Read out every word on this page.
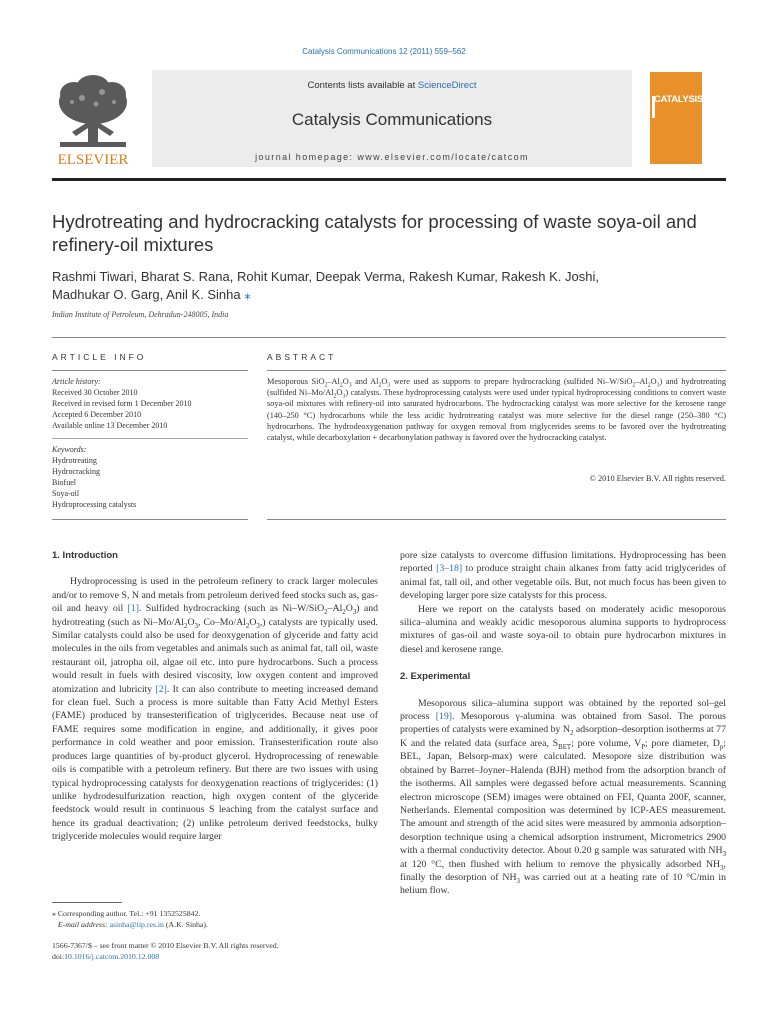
Catalysis Communications 12 (2011) 559–562
Contents lists available at ScienceDirect
Catalysis Communications
journal homepage: www.elsevier.com/locate/catcom
ELSEVIER
CATALYSIS
Hydrotreating and hydrocracking catalysts for processing of waste soya-oil and refinery-oil mixtures
Rashmi Tiwari, Bharat S. Rana, Rohit Kumar, Deepak Verma, Rakesh Kumar, Rakesh K. Joshi,
Madhukar O. Garg, Anil K. Sinha ⁎
Indian Institute of Petroleum, Dehradun-248005, India
ARTICLE INFO
Article history:
Received 30 October 2010
Received in revised form 1 December 2010
Accepted 6 December 2010
Available online 13 December 2010
Keywords:
Hydrotreating
Hydrocracking
Biofuel
Soya-oil
Hydroprocessing catalysts
ABSTRACT
Mesoporous $SiO_2-Al_2O_3$ and $Al_2O_3$ were used as supports to prepare hydrocracking (sulfided $Ni-W/SiO_2-Al_2O_3$) and hydrotreating (sulfided $Ni-Mo/Al_2O_3$) catalysts. These hydroprocessing catalysts were used under typical hydroprocessing conditions to convert waste soya-oil mixtures with refinery-oil into saturated hydrocarbons. The hydrocracking catalyst was more selective for the kerosene range (140–250 °C) hydrocarbons while the less acidic hydrotreating catalyst was more selective for the diesel range (250–380 °C) hydrocarbons. The hydrodeoxygenation pathway for oxygen removal from triglycerides seems to be favored over the hydrotreating catalyst, while decarboxylation + decarbonylation pathway is favored over the hydrocracking catalyst.
© 2010 Elsevier B.V. All rights reserved.
1. Introduction

Hydroprocessing is used in the petroleum refinery to crack larger molecules and/or to remove S, N and metals from petroleum derived feed stocks such as, gas-oil and heavy oil [1]. Sulfided hydrocracking (such as $Ni-W/SiO_2-Al_2O_3$) and hydrotreating (such as $Ni-Mo/Al_2O_3$, $Co-Mo/Al_2O_3$,) catalysts are typically used. Similar catalysts could also be used for deoxygenation of glyceride and fatty acid molecules in the oils from vegetables and animals such as animal fat, tall oil, waste restaurant oil, jatropha oil, algae oil etc. into pure hydrocarbons. Such a process would result in fuels with desired viscosity, low oxygen content and improved atomization and lubricity [2]. It can also contribute to meeting increased demand for clean fuel. Such a process is more suitable than Fatty Acid Methyl Esters (FAME) produced by transesterification of triglycerides. Because neat use of FAME requires some modification in engine, and additionally, it gives poor performance in cold weather and poor emission. Transesterification route also produces large quantities of by-product glycerol. Hydroprocessing of renewable oils is compatible with a petroleum refinery. But there are two issues with using typical hydroprocessing catalysts for deoxygenation reactions of triglycerides: (1) unlike hydrodesulfurization reaction, high oxygen content of the glyceride feedstock would result in continuous S leaching from the catalyst surface and hence its gradual deactivation; (2) unlike petroleum derived feedstocks, bulky triglyceride molecules would require larger

pore size catalysts to overcome diffusion limitations. Hydroprocessing has been reported [3–18] to produce straight chain alkanes from fatty acid triglycerides of animal fat, tall oil, and other vegetable oils. But, not much focus has been given to developing larger pore size catalysts for this process.

Here we report on the catalysts based on moderately acidic mesoporous silica–alumina and weakly acidic mesoporous alumina supports to hydroprocess mixtures of gas-oil and waste soya-oil to obtain pure hydrocarbon mixtures in diesel and kerosene range.

2. Experimental

Mesoporous silica–alumina support was obtained by the reported sol–gel process [19]. Mesoporous γ-alumina was obtained from Sasol. The porous properties of catalysts were examined by $N_2$ adsorption–desorption isotherms at 77 K and the related data (surface area, $S_{BET}$; pore volume, $V_P$; pore diameter, $D_p$; BEL, Japan, Belsorp-max) were calculated. Mesopore size distribution was obtained by Barret–Joyner–Halenda (BJH) method from the adsorption branch of the isotherms. All samples were degassed before actual measurements. Scanning electron microscope (SEM) images were obtained on FEI, Quanta 200F, scanner, Netherlands. Elemental composition was determined by ICP-AES measurement. The amount and strength of the acid sites were measured by ammonia adsorption–desorption technique using a chemical adsorption instrument, Micrometrics 2900 with a thermal conductivity detector. About 0.20 g sample was saturated with $NH_3$ at 120 °C, then flushed with helium to remove the physically adsorbed $NH_3$, finally the desorption of $NH_3$ was carried out at a heating rate of 10 °C/min in helium flow.

⁎ Corresponding author. Tel.: +91 1352525842.
E-mail address: asinha@iip.res.in (A.K. Sinha).
1566-7367/$ – see front matter © 2010 Elsevier B.V. All rights reserved.
doi:10.1016/j.catcom.2010.12.008
